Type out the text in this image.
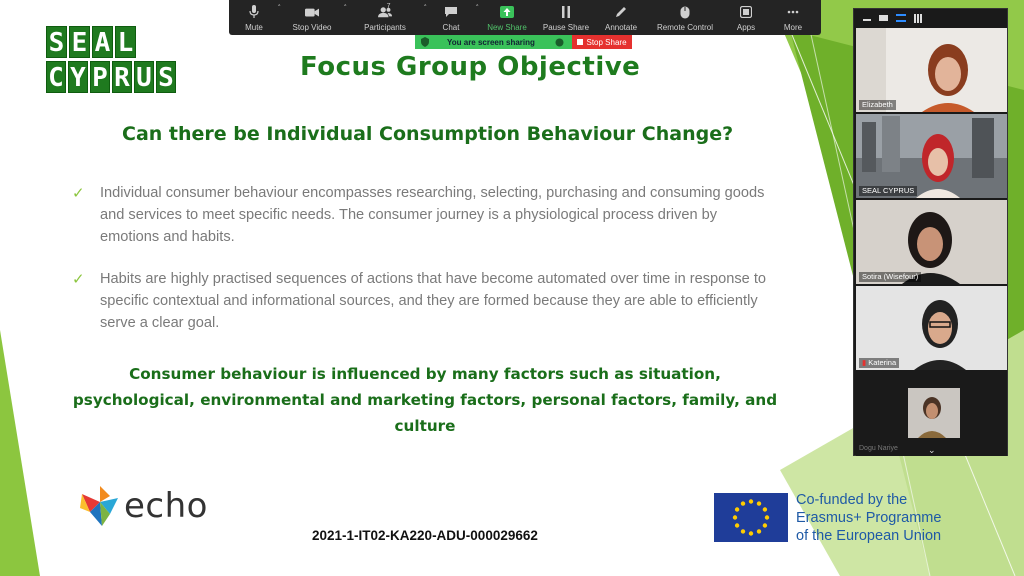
S E A L
C Y P R U S	Focus Group Objective
Can there be Individual Consumption Behaviour Change?
✓	Individual consumer behaviour encompasses researching, selecting, purchasing and consuming goods and services to meet specific needs. The consumer journey is a physiological process driven by emotions and habits.
✓	Habits are highly practised sequences of actions that have become automated over time in response to specific contextual and informational sources, and they are formed because they are able to efficiently serve a clear goal.
Consumer behaviour is influenced by many factors such as situation, psychological, environmental and marketing factors, personal factors, family, and culture
echo
2021-1-IT02-KA220-ADU-000029662
Co-funded by the
Erasmus+ Programme
of the European Union
˄
Mute
˄
Stop Video
7	˄
Participants
˄
Chat	New Share Pause Share Annotate Remote Control	Apps	More
You are screen sharing	Stop Share
Elizabeth
SEAL CYPRUS
Sotira (Wisefour)
▮ Katerina
Dogu Nariye	⌄
